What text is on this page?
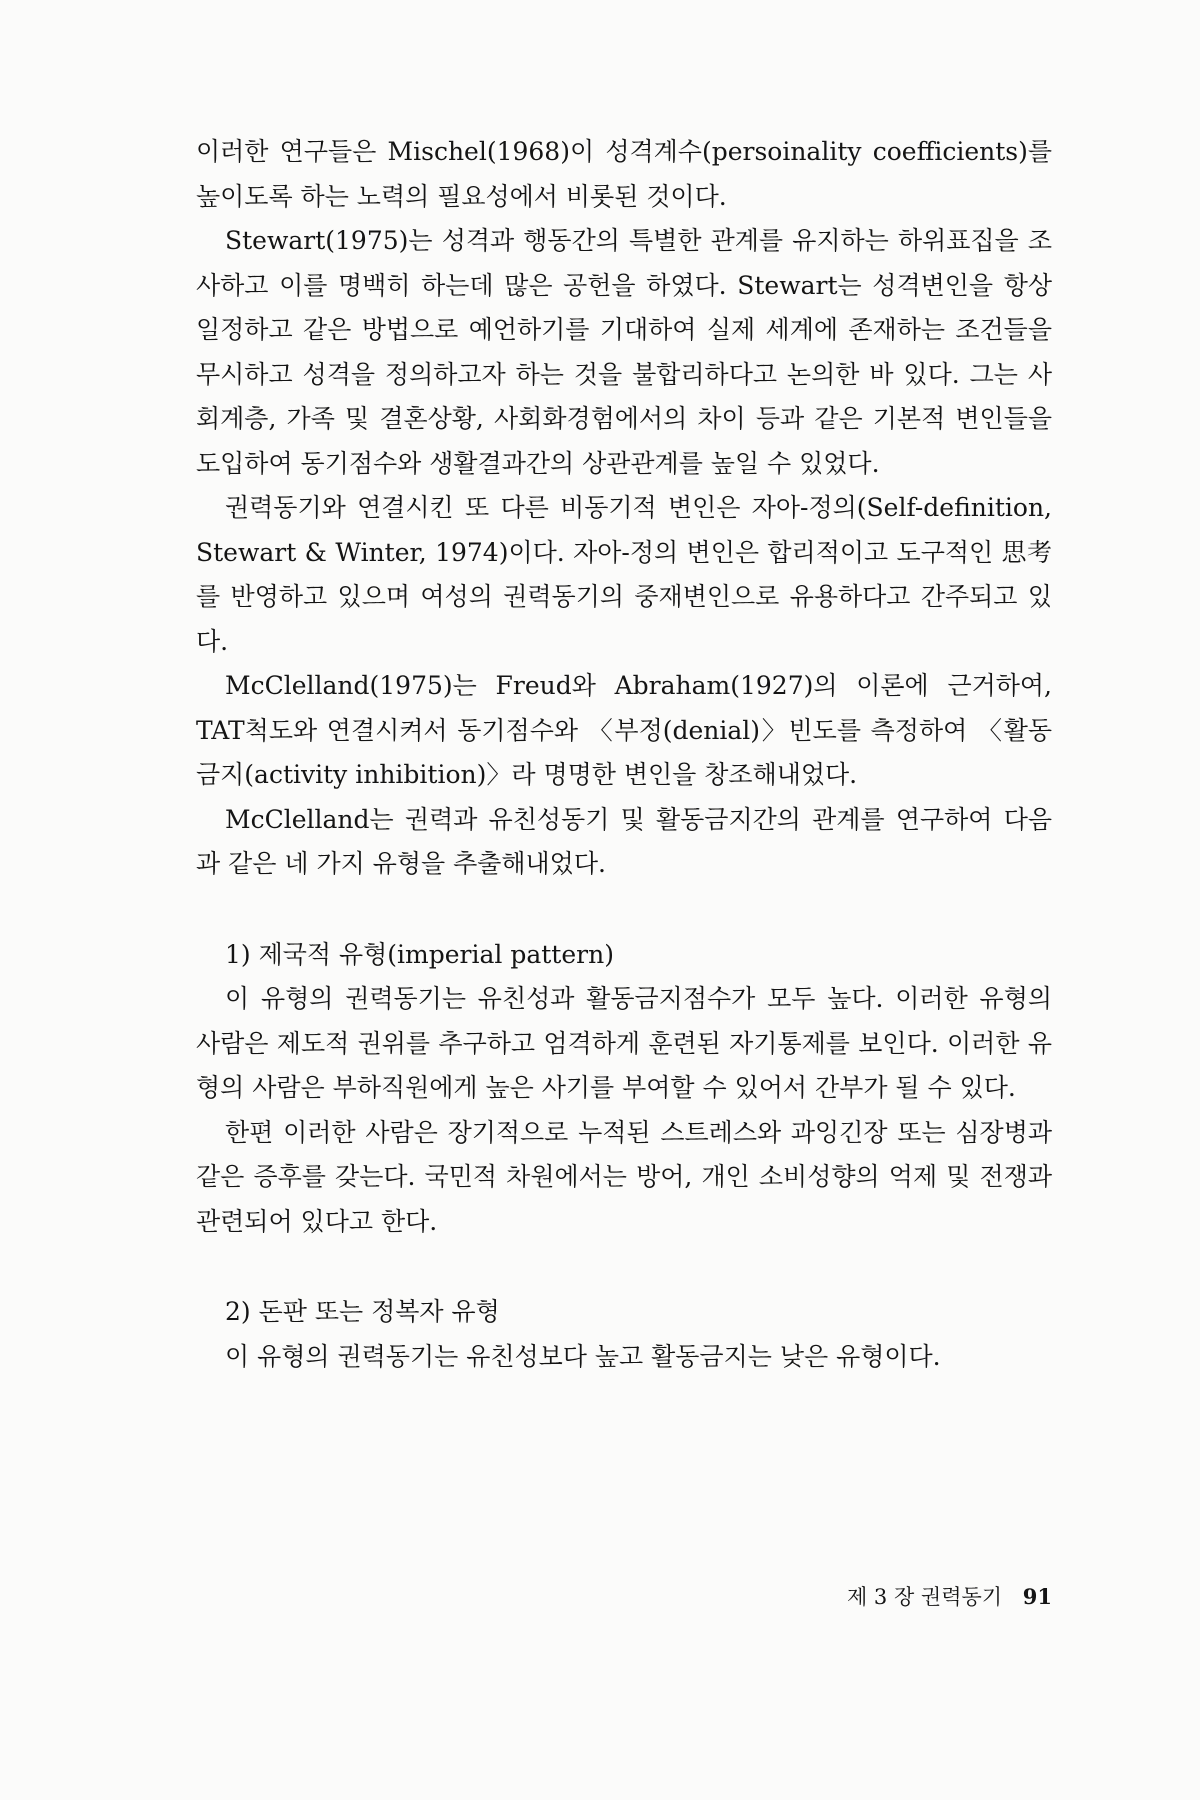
이러한 연구들은 Mischel(1968)이 성격계수(persoinality coefficients)를 높이도록 하는 노력의 필요성에서 비롯된 것이다.

Stewart(1975)는 성격과 행동간의 특별한 관계를 유지하는 하위표집을 조사하고 이를 명백히 하는데 많은 공헌을 하였다. Stewart는 성격변인을 항상 일정하고 같은 방법으로 예언하기를 기대하여 실제 세계에 존재하는 조건들을 무시하고 성격을 정의하고자 하는 것을 불합리하다고 논의한 바 있다. 그는 사회계층, 가족 및 결혼상황, 사회화경험에서의 차이 등과 같은 기본적 변인들을 도입하여 동기점수와 생활결과간의 상관관계를 높일 수 있었다.

권력동기와 연결시킨 또 다른 비동기적 변인은 자아-정의(Self-definition, Stewart & Winter, 1974)이다. 자아-정의 변인은 합리적이고 도구적인 思考를 반영하고 있으며 여성의 권력동기의 중재변인으로 유용하다고 간주되고 있다.

McClelland(1975)는 Freud와 Abraham(1927)의 이론에 근거하여, TAT척도와 연결시켜서 동기점수와 〈부정(denial)〉빈도를 측정하여 〈활동금지(activity inhibition)〉라 명명한 변인을 창조해내었다.

McClelland는 권력과 유친성동기 및 활동금지간의 관계를 연구하여 다음과 같은 네 가지 유형을 추출해내었다.

1) 제국적 유형(imperial pattern)

이 유형의 권력동기는 유친성과 활동금지점수가 모두 높다. 이러한 유형의 사람은 제도적 권위를 추구하고 엄격하게 훈련된 자기통제를 보인다. 이러한 유형의 사람은 부하직원에게 높은 사기를 부여할 수 있어서 간부가 될 수 있다.

한편 이러한 사람은 장기적으로 누적된 스트레스와 과잉긴장 또는 심장병과 같은 증후를 갖는다. 국민적 차원에서는 방어, 개인 소비성향의 억제 및 전쟁과 관련되어 있다고 한다.

2) 돈판 또는 정복자 유형

이 유형의 권력동기는 유친성보다 높고 활동금지는 낮은 유형이다.

제 3 장 권력동기 91
